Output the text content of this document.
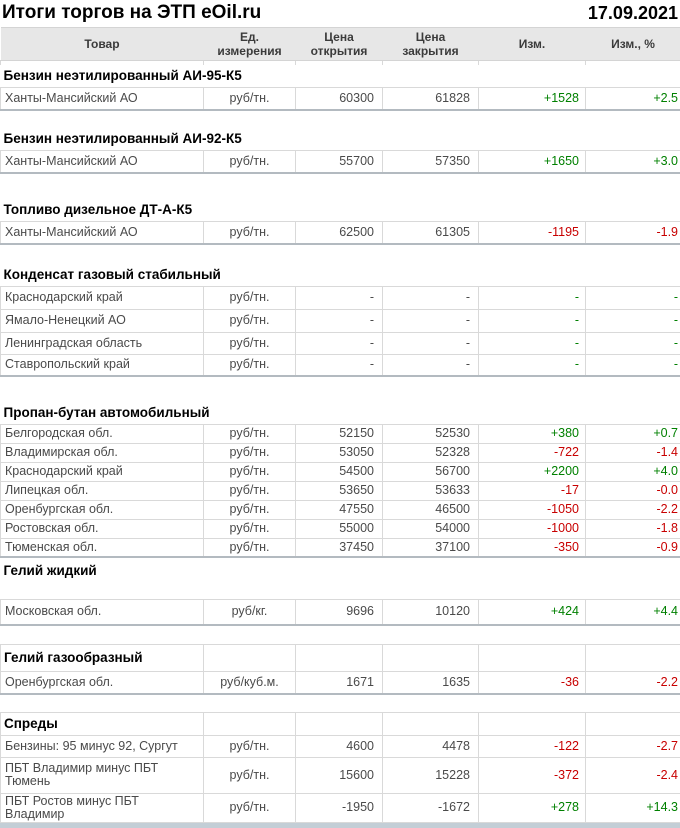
Итоги торгов на ЭТП eOil.ru	17.09.2021
Товар	Ед. измерения	Цена открытия	Цена закрытия	Изм.	Изм., %

Бензин неэтилированный АИ-95-К5					
Ханты-Мансийский АО	руб/тн.	60300	61828	+1528	+2.5

Бензин неэтилированный АИ-92-К5					
Ханты-Мансийский АО	руб/тн.	55700	57350	+1650	+3.0

Топливо дизельное ДТ-А-К5					
Ханты-Мансийский АО	руб/тн.	62500	61305	-1195	-1.9

Конденсат газовый стабильный					
Краснодарский край	руб/тн.	-	-	-	-
Ямало-Ненецкий АО	руб/тн.	-	-	-	-
Ленинградская область	руб/тн.	-	-	-	-
Ставропольский край	руб/тн.	-	-	-	-

Пропан-бутан автомобильный					
Белгородская обл.	руб/тн.	52150	52530	+380	+0.7
Владимирская обл.	руб/тн.	53050	52328	-722	-1.4
Краснодарский край	руб/тн.	54500	56700	+2200	+4.0
Липецкая обл.	руб/тн.	53650	53633	-17	-0.0
Оренбургская обл.	руб/тн.	47550	46500	-1050	-2.2
Ростовская обл.	руб/тн.	55000	54000	-1000	-1.8
Тюменская обл.	руб/тн.	37450	37100	-350	-0.9
Гелий жидкий					

Московская обл.	руб/кг.	9696	10120	+424	+4.4

Гелий газообразный					
Оренбургская обл.	руб/куб.м.	1671	1635	-36	-2.2

Спреды					
Бензины: 95 минус 92, Сургут	руб/тн.	4600	4478	-122	-2.7
ПБТ Владимир минус ПБТ Тюмень	руб/тн.	15600	15228	-372	-2.4
ПБТ Ростов минус ПБТ Владимир	руб/тн.	-1950	-1672	+278	+14.3
